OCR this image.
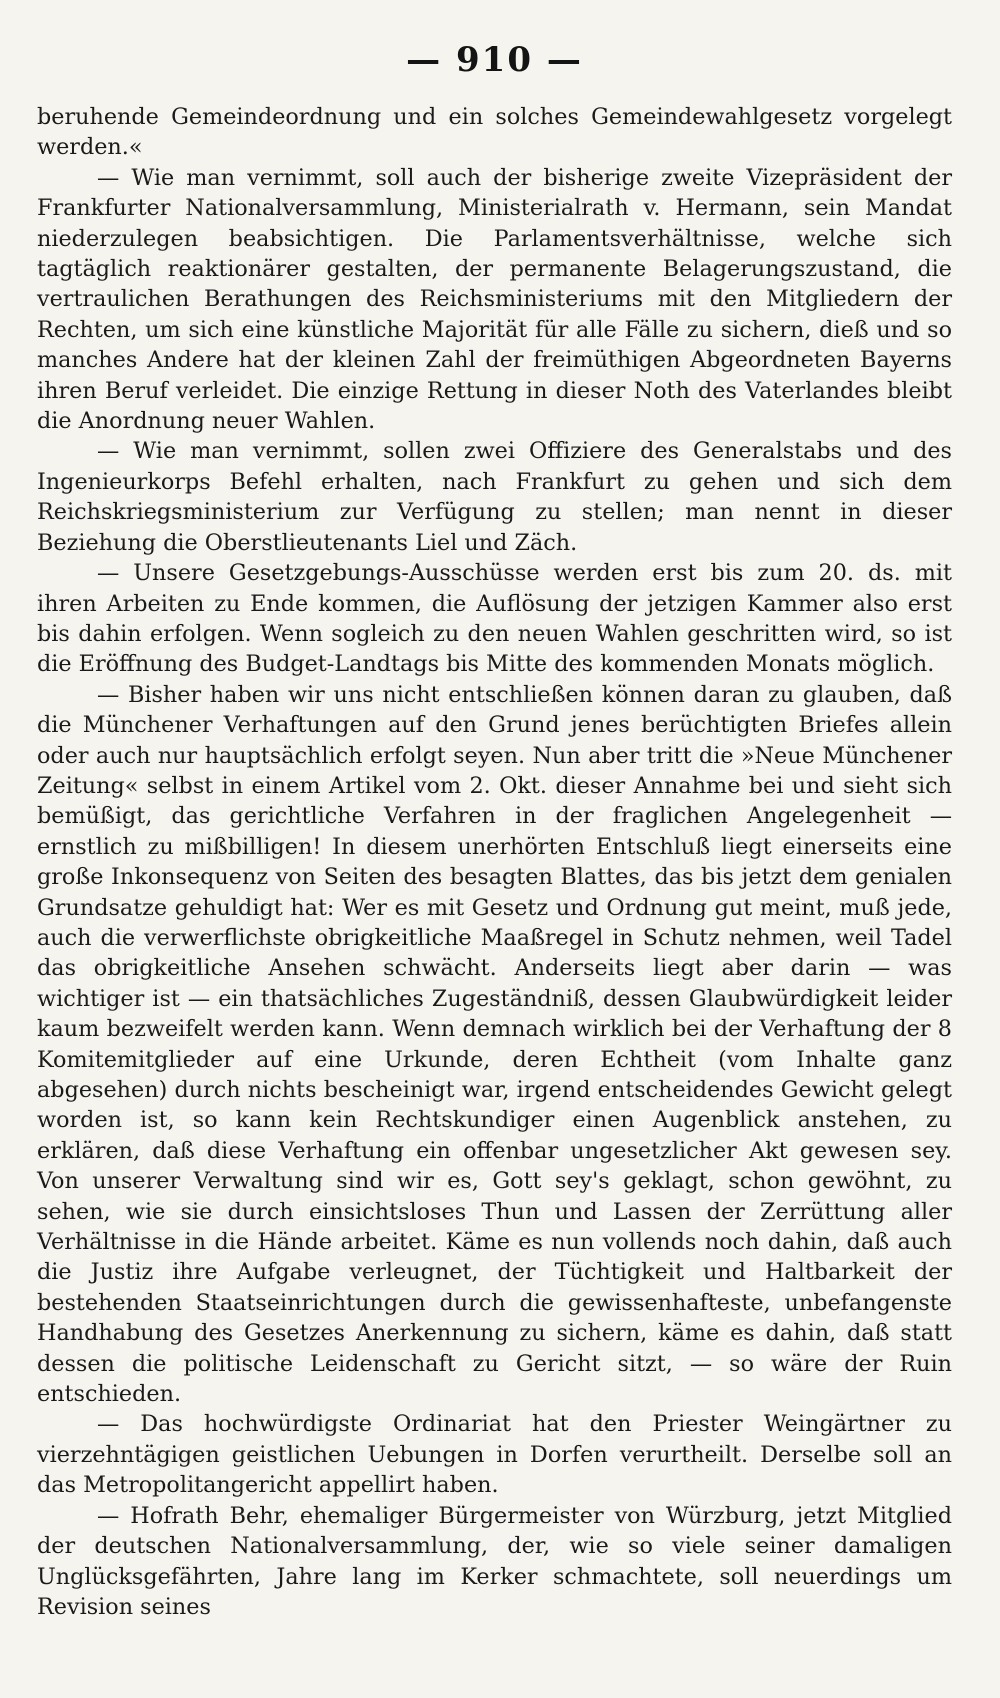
— 910 —

beruhende Gemeindeordnung und ein solches Gemeindewahlgesetz vorgelegt werden.«

— Wie man vernimmt, soll auch der bisherige zweite Vizepräsident der Frankfurter Nationalversammlung, Ministerialrath v. Hermann, sein Mandat niederzulegen beabsichtigen. Die Parlamentsverhältnisse, welche sich tagtäglich reaktionärer gestalten, der permanente Belagerungszustand, die vertraulichen Berathungen des Reichsministeriums mit den Mitgliedern der Rechten, um sich eine künstliche Majorität für alle Fälle zu sichern, dieß und so manches Andere hat der kleinen Zahl der freimüthigen Abgeordneten Bayerns ihren Beruf verleidet. Die einzige Rettung in dieser Noth des Vaterlandes bleibt die Anordnung neuer Wahlen.

— Wie man vernimmt, sollen zwei Offiziere des Generalstabs und des Ingenieurkorps Befehl erhalten, nach Frankfurt zu gehen und sich dem Reichskriegsministerium zur Verfügung zu stellen; man nennt in dieser Beziehung die Oberstlieutenants Liel und Zäch.

— Unsere Gesetzgebungs-Ausschüsse werden erst bis zum 20. ds. mit ihren Arbeiten zu Ende kommen, die Auflösung der jetzigen Kammer also erst bis dahin erfolgen. Wenn sogleich zu den neuen Wahlen geschritten wird, so ist die Eröffnung des Budget-Landtags bis Mitte des kommenden Monats möglich.

— Bisher haben wir uns nicht entschließen können daran zu glauben, daß die Münchener Verhaftungen auf den Grund jenes berüchtigten Briefes allein oder auch nur hauptsächlich erfolgt seyen. Nun aber tritt die »Neue Münchener Zeitung« selbst in einem Artikel vom 2. Okt. dieser Annahme bei und sieht sich bemüßigt, das gerichtliche Verfahren in der fraglichen Angelegenheit — ernstlich zu mißbilligen! In diesem unerhörten Entschluß liegt einerseits eine große Inkonsequenz von Seiten des besagten Blattes, das bis jetzt dem genialen Grundsatze gehuldigt hat: Wer es mit Gesetz und Ordnung gut meint, muß jede, auch die verwerflichste obrigkeitliche Maaßregel in Schutz nehmen, weil Tadel das obrigkeitliche Ansehen schwächt. Anderseits liegt aber darin — was wichtiger ist — ein thatsächliches Zugeständniß, dessen Glaubwürdigkeit leider kaum bezweifelt werden kann. Wenn demnach wirklich bei der Verhaftung der 8 Komitemitglieder auf eine Urkunde, deren Echtheit (vom Inhalte ganz abgesehen) durch nichts bescheinigt war, irgend entscheidendes Gewicht gelegt worden ist, so kann kein Rechtskundiger einen Augenblick anstehen, zu erklären, daß diese Verhaftung ein offenbar ungesetzlicher Akt gewesen sey. Von unserer Verwaltung sind wir es, Gott sey's geklagt, schon gewöhnt, zu sehen, wie sie durch einsichtsloses Thun und Lassen der Zerrüttung aller Verhältnisse in die Hände arbeitet. Käme es nun vollends noch dahin, daß auch die Justiz ihre Aufgabe verleugnet, der Tüchtigkeit und Haltbarkeit der bestehenden Staatseinrichtungen durch die gewissenhafteste, unbefangenste Handhabung des Gesetzes Anerkennung zu sichern, käme es dahin, daß statt dessen die politische Leidenschaft zu Gericht sitzt, — so wäre der Ruin entschieden.

— Das hochwürdigste Ordinariat hat den Priester Weingärtner zu vierzehntägigen geistlichen Uebungen in Dorfen verurtheilt. Derselbe soll an das Metropolitangericht appellirt haben.

— Hofrath Behr, ehemaliger Bürgermeister von Würzburg, jetzt Mitglied der deutschen Nationalversammlung, der, wie so viele seiner damaligen Unglücksgefährten, Jahre lang im Kerker schmachtete, soll neuerdings um Revision seines
